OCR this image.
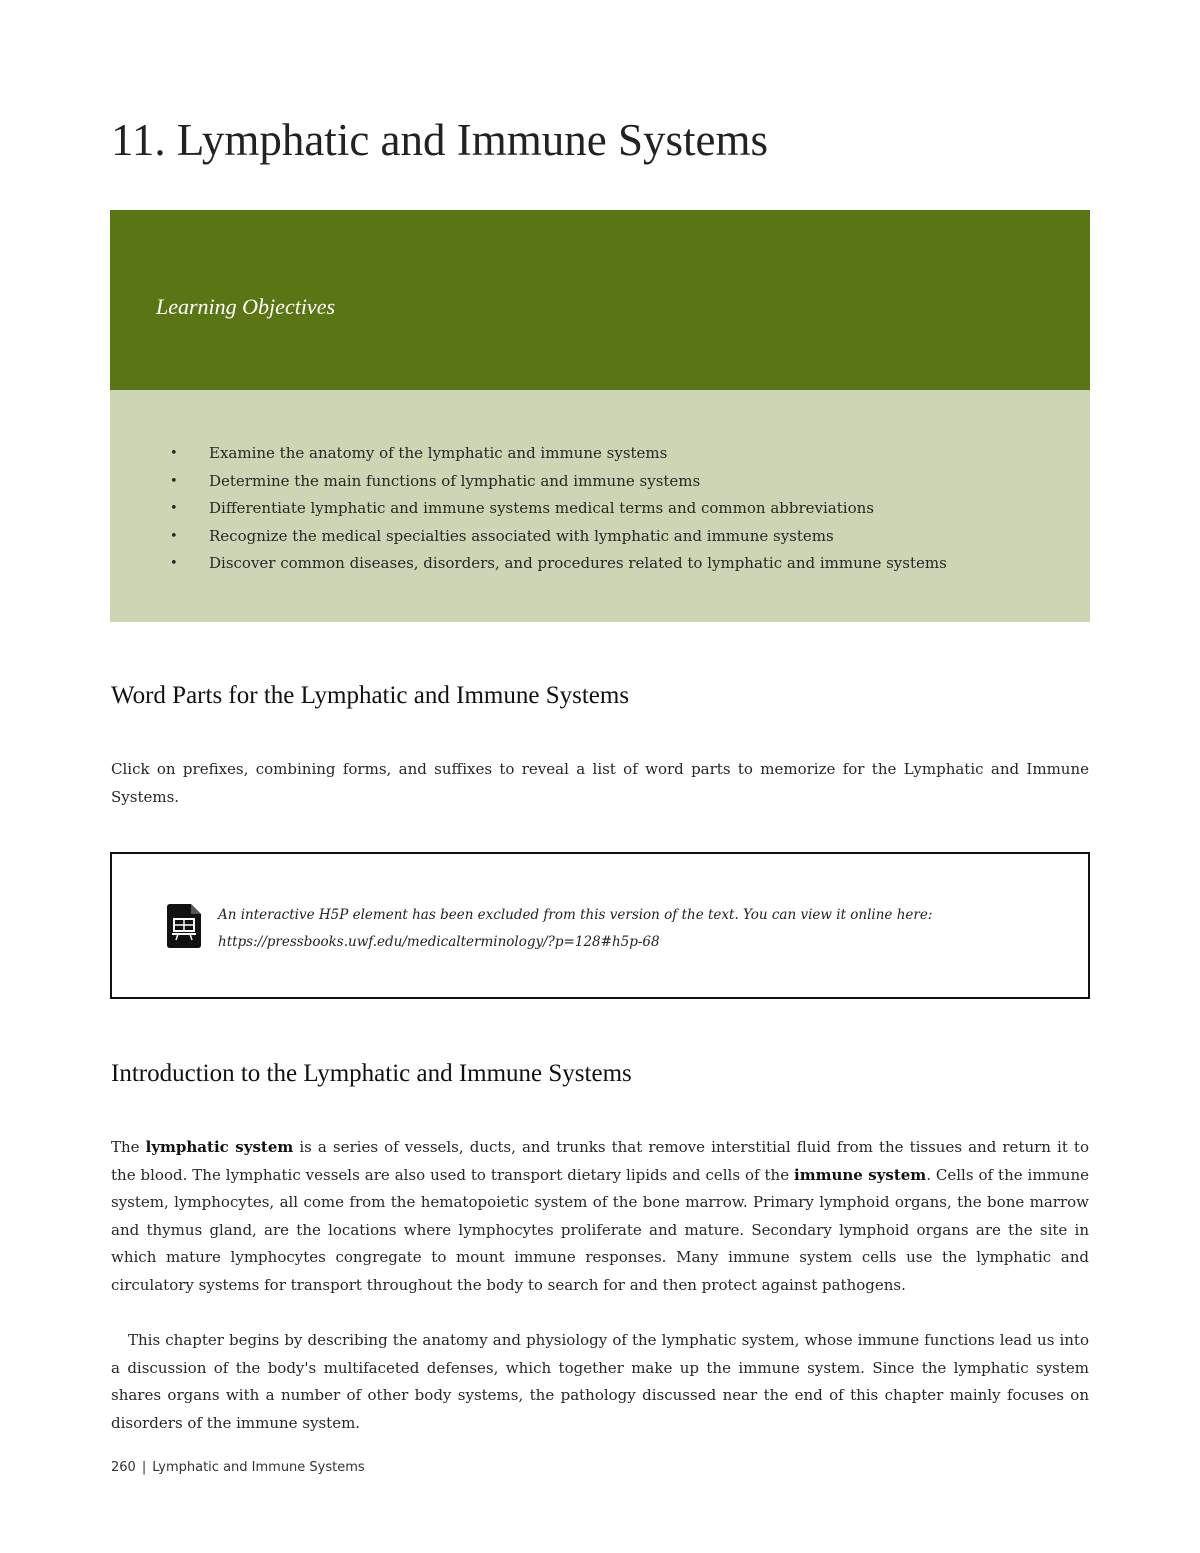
11. Lymphatic and Immune Systems
Learning Objectives
• Examine the anatomy of the lymphatic and immune systems
• Determine the main functions of lymphatic and immune systems
• Differentiate lymphatic and immune systems medical terms and common abbreviations
• Recognize the medical specialties associated with lymphatic and immune systems
• Discover common diseases, disorders, and procedures related to lymphatic and immune systems
Word Parts for the Lymphatic and Immune Systems

Click on prefixes, combining forms, and suffixes to reveal a list of word parts to memorize for the Lymphatic and Immune Systems.

An interactive H5P element has been excluded from this version of the text. You can view it online here:
https://pressbooks.uwf.edu/medicalterminology/?p=128#h5p-68
Introduction to the Lymphatic and Immune Systems

The lymphatic system is a series of vessels, ducts, and trunks that remove interstitial fluid from the tissues and return it to the blood. The lymphatic vessels are also used to transport dietary lipids and cells of the immune system. Cells of the immune system, lymphocytes, all come from the hematopoietic system of the bone marrow. Primary lymphoid organs, the bone marrow and thymus gland, are the locations where lymphocytes proliferate and mature. Secondary lymphoid organs are the site in which mature lymphocytes congregate to mount immune responses. Many immune system cells use the lymphatic and circulatory systems for transport throughout the body to search for and then protect against pathogens.

This chapter begins by describing the anatomy and physiology of the lymphatic system, whose immune functions lead us into a discussion of the body's multifaceted defenses, which together make up the immune system. Since the lymphatic system shares organs with a number of other body systems, the pathology discussed near the end of this chapter mainly focuses on disorders of the immune system.

260 | Lymphatic and Immune Systems
